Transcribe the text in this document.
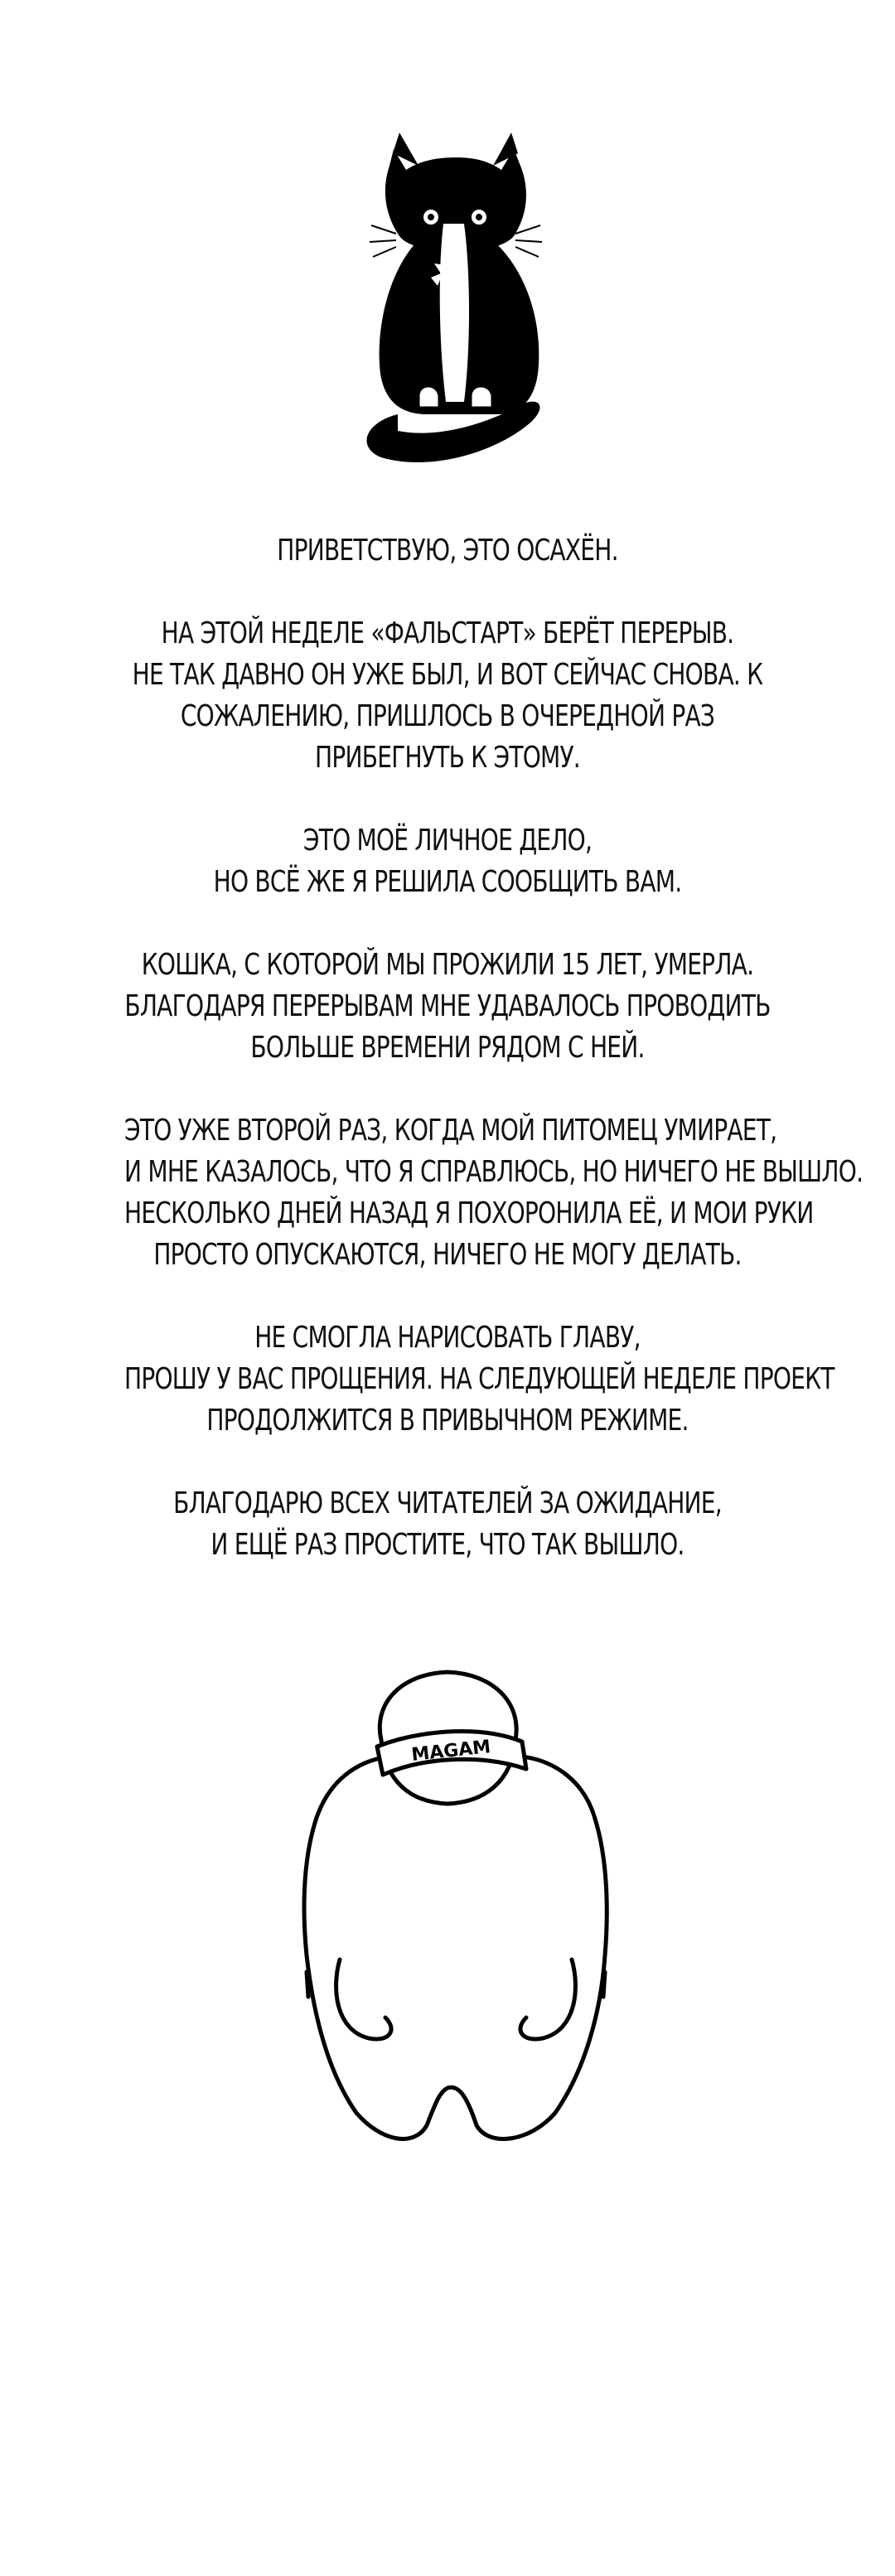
ПРИВЕТСТВУЮ, ЭТО ОСАХЁН.
НА ЭТОЙ НЕДЕЛЕ «ФАЛЬСТАРТ» БЕРЁТ ПЕРЕРЫВ.
НЕ ТАК ДАВНО ОН УЖЕ БЫЛ, И ВОТ СЕЙЧАС СНОВА. К
СОЖАЛЕНИЮ, ПРИШЛОСЬ В ОЧЕРЕДНОЙ РАЗ
ПРИБЕГНУТЬ К ЭТОМУ.
ЭТО МОЁ ЛИЧНОЕ ДЕЛО,
НО ВСЁ ЖЕ Я РЕШИЛА СООБЩИТЬ ВАМ.
КОШКА, С КОТОРОЙ МЫ ПРОЖИЛИ 15 ЛЕТ, УМЕРЛА.
БЛАГОДАРЯ ПЕРЕРЫВАМ МНЕ УДАВАЛОСЬ ПРОВОДИТЬ
БОЛЬШЕ ВРЕМЕНИ РЯДОМ С НЕЙ.
ЭТО УЖЕ ВТОРОЙ РАЗ, КОГДА МОЙ ПИТОМЕЦ УМИРАЕТ,
И МНЕ КАЗАЛОСЬ, ЧТО Я СПРАВЛЮСЬ, НО НИЧЕГО НЕ ВЫШЛО.
НЕСКОЛЬКО ДНЕЙ НАЗАД Я ПОХОРОНИЛА ЕЁ, И МОИ РУКИ
ПРОСТО ОПУСКАЮТСЯ, НИЧЕГО НЕ МОГУ ДЕЛАТЬ.
НЕ СМОГЛА НАРИСОВАТЬ ГЛАВУ,
ПРОШУ У ВАС ПРОЩЕНИЯ. НА СЛЕДУЮЩЕЙ НЕДЕЛЕ ПРОЕКТ
ПРОДОЛЖИТСЯ В ПРИВЫЧНОМ РЕЖИМЕ.
БЛАГОДАРЮ ВСЕХ ЧИТАТЕЛЕЙ ЗА ОЖИДАНИЕ,
И ЕЩЁ РАЗ ПРОСТИТЕ, ЧТО ТАК ВЫШЛО.
MAGAM
